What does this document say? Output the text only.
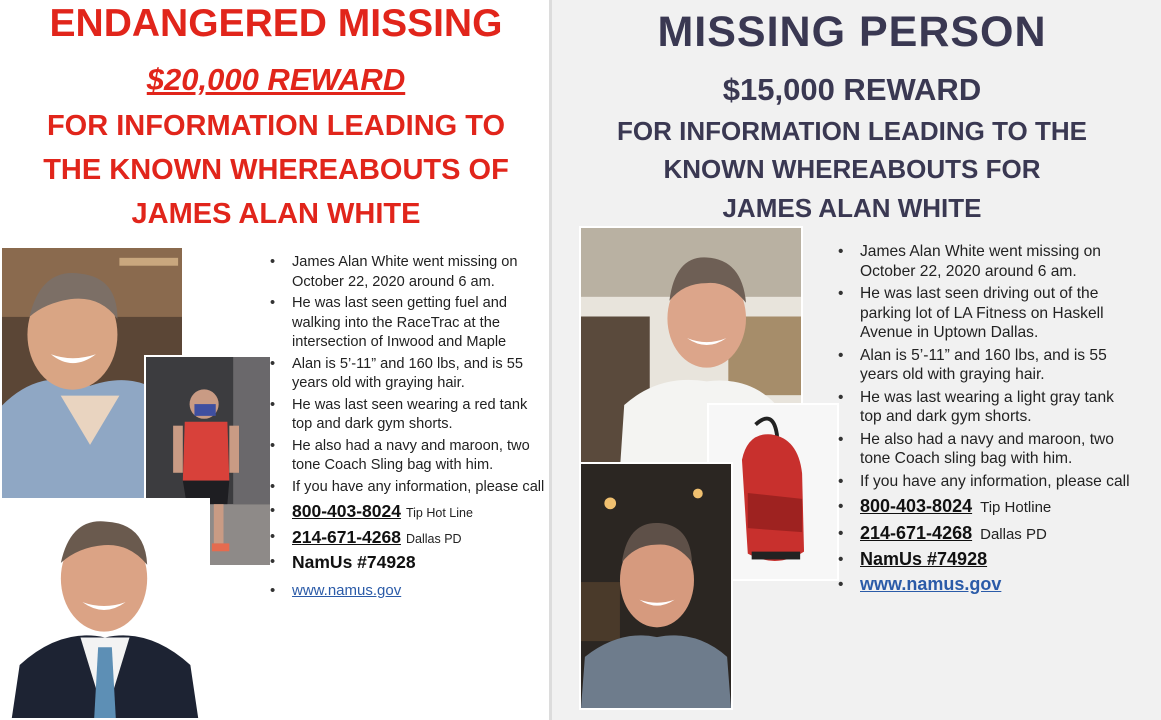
ENDANGERED MISSING
$20,000 REWARD
FOR INFORMATION LEADING TO
THE KNOWN WHEREABOUTS OF
JAMES ALAN WHITE
• James Alan White went missing on October 22, 2020 around 6 am.
• He was last seen getting fuel and walking into the RaceTrac at the intersection of Inwood and Maple
• Alan is 5’-11” and 160 lbs, and is 55 years old with graying hair.
• He was last seen wearing a red tank top and dark gym shorts.
• He also had a navy and maroon, two tone Coach Sling bag with him.
• If you have any information, please call
• 800-403-8024 Tip Hot Line
• 214-671-4268 Dallas PD
• NamUs #74928
• www.namus.gov
MISSING PERSON
$15,000 REWARD
FOR INFORMATION LEADING TO THE
KNOWN WHEREABOUTS FOR
JAMES ALAN WHITE
• James Alan White went missing on October 22, 2020 around 6 am.
• He was last seen driving out of the parking lot of LA Fitness on Haskell Avenue in Uptown Dallas.
• Alan is 5’-11” and 160 lbs, and is 55 years old with graying hair.
• He was last wearing a light gray tank top and dark gym shorts.
• He also had a navy and maroon, two tone Coach sling bag with him.
• If you have any information, please call
• 800-403-8024 Tip Hotline
• 214-671-4268 Dallas PD
• NamUs #74928
• www.namus.gov
